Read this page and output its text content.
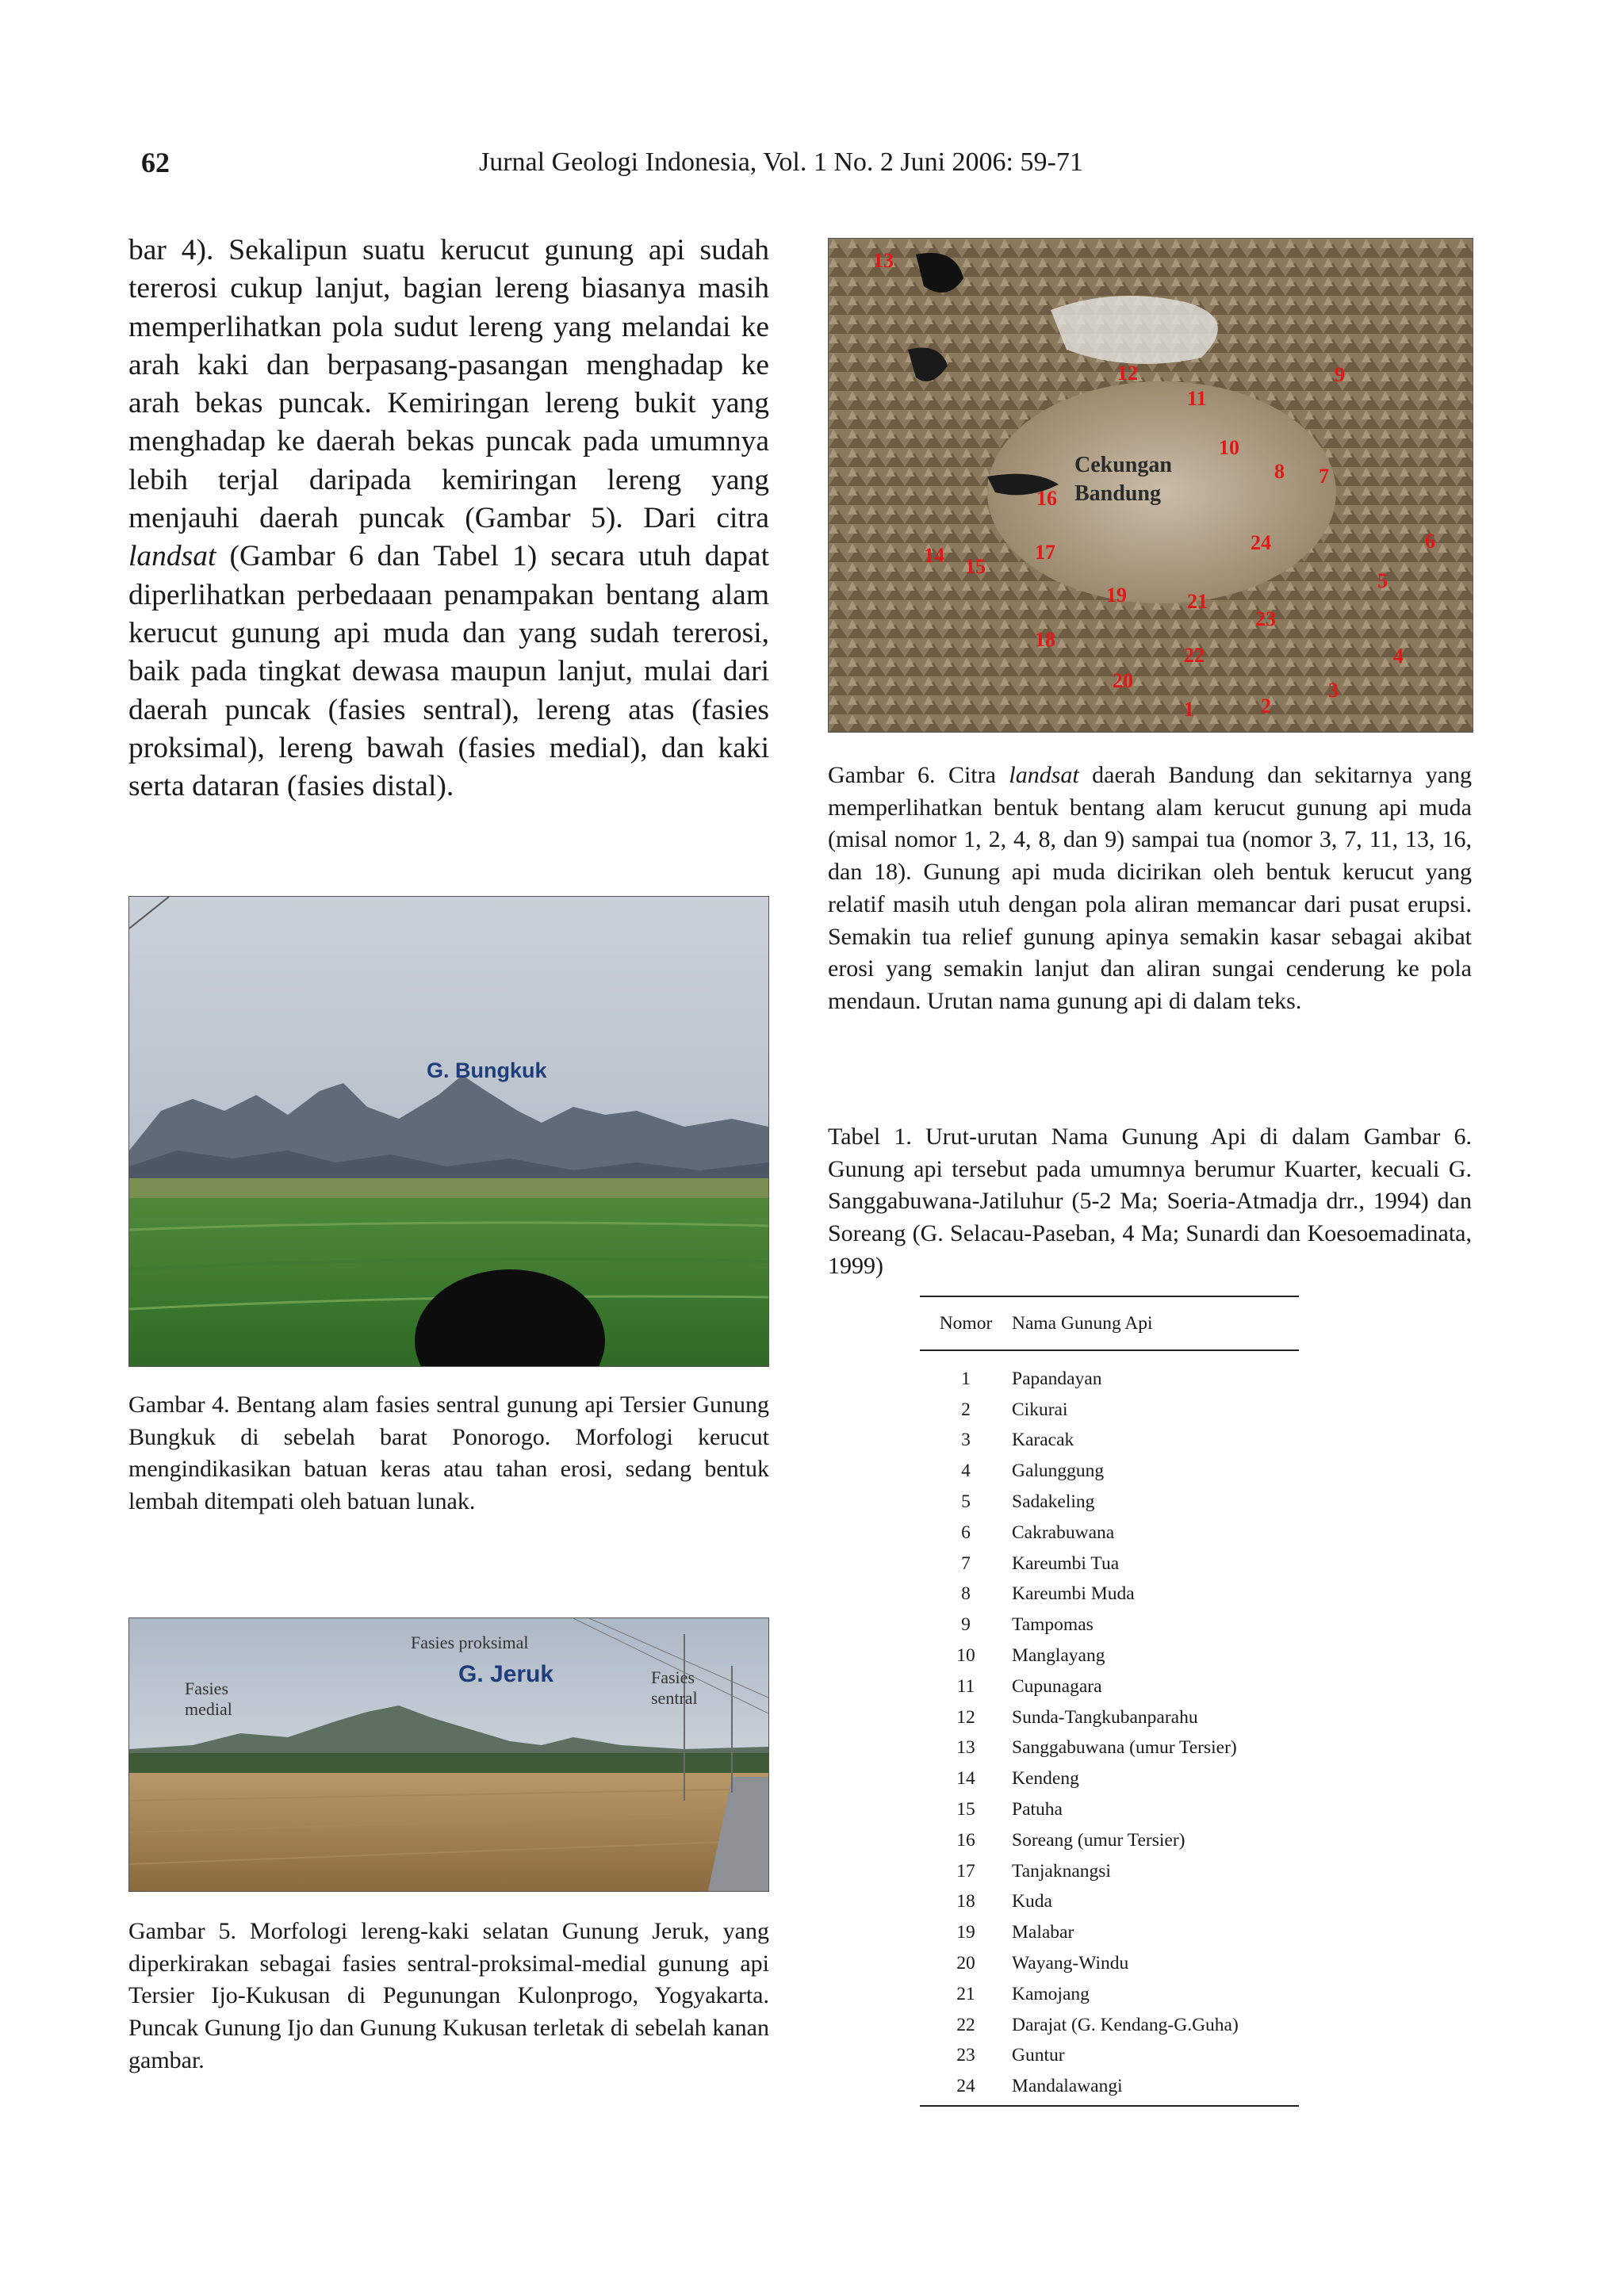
62	Jurnal Geologi Indonesia, Vol. 1 No. 2 Juni 2006: 59-71

bar 4). Sekalipun suatu kerucut gunung api sudah tererosi cukup lanjut, bagian lereng biasanya masih memperlihatkan pola sudut lereng yang melandai ke arah kaki dan berpasang-pasangan menghadap ke arah bekas puncak. Kemiringan lereng bukit yang menghadap ke daerah bekas puncak pada umumnya lebih terjal daripada kemiringan lereng yang menjauhi daerah puncak (Gambar 5). Dari citra landsat (Gambar 6 dan Tabel 1) secara utuh dapat diperlihatkan perbedaaan penampakan bentang alam kerucut gunung api muda dan yang sudah tererosi, baik pada tingkat dewasa maupun lanjut, mulai dari daerah puncak (fasies sentral), lereng atas (fasies proksimal), lereng bawah (fasies medial), dan kaki serta dataran (fasies distal).

G. Bungkuk

Gambar 4. Bentang alam fasies sentral gunung api Tersier Gunung Bungkuk di sebelah barat Ponorogo. Morfologi kerucut mengindikasikan batuan keras atau tahan erosi, sedang bentuk lembah ditempati oleh batuan lunak.

Fasies proksimal
G. Jeruk
Fasies
medial
Fasies
sentral

Gambar 5. Morfologi lereng-kaki selatan Gunung Jeruk, yang diperkirakan sebagai fasies sentral-proksimal-medial gunung api Tersier Ijo-Kukusan di Pegunungan Kulonprogo, Yogyakarta. Puncak Gunung Ijo dan Gunung Kukusan terletak di sebelah kanan gambar.

Cekungan
Bandung
1	2
3
4
5
6
7
8
9
10
11
12
13
14 15
16
17
18
19
20
21
22
23
24

Gambar 6. Citra landsat daerah Bandung dan sekitarnya yang memperlihatkan bentuk bentang alam kerucut gunung api muda (misal nomor 1, 2, 4, 8, dan 9) sampai tua (nomor 3, 7, 11, 13, 16, dan 18). Gunung api muda dicirikan oleh bentuk kerucut yang relatif masih utuh dengan pola aliran memancar dari pusat erupsi. Semakin tua relief gunung apinya semakin kasar sebagai akibat erosi yang semakin lanjut dan aliran sungai cenderung ke pola mendaun. Urutan nama gunung api di dalam teks.

Tabel 1. Urut-urutan Nama Gunung Api di dalam Gambar 6. Gunung api tersebut pada umumnya berumur Kuarter, kecuali G. Sanggabuwana-Jatiluhur (5-2 Ma; Soeria-Atmadja drr., 1994) dan Soreang (G. Selacau-Paseban, 4 Ma; Sunardi dan Koesoemadinata, 1999)

Nomor	Nama Gunung Api
1	Papandayan
2	Cikurai
3	Karacak
4	Galunggung
5	Sadakeling
6	Cakrabuwana
7	Kareumbi Tua
8	Kareumbi Muda
9	Tampomas
10	Manglayang
11	Cupunagara
12	Sunda-Tangkubanparahu
13	Sanggabuwana (umur Tersier)
14	Kendeng
15	Patuha
16	Soreang (umur Tersier)
17	Tanjaknangsi
18	Kuda
19	Malabar
20	Wayang-Windu
21	Kamojang
22	Darajat (G. Kendang-G.Guha)
23	Guntur
24	Mandalawangi
